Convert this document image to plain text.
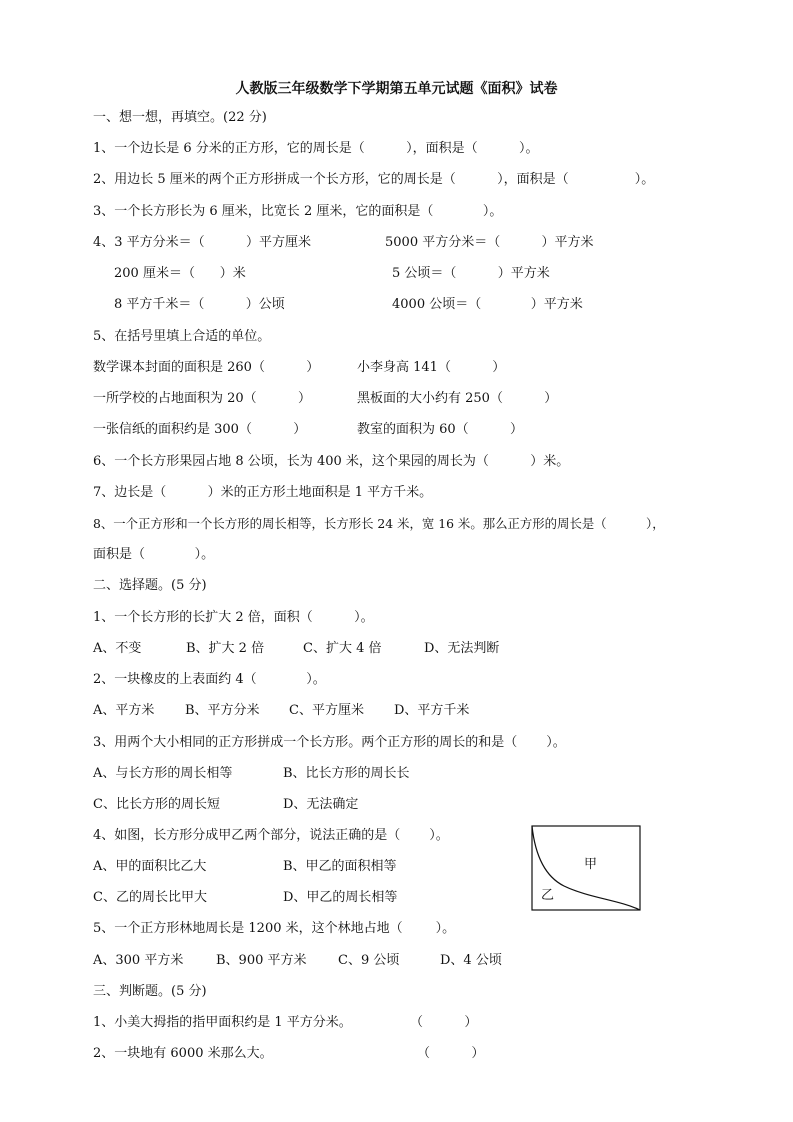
人教版三年级数学下学期第五单元试题《面积》试卷
一、想一想，再填空。(22 分)
1、一个边长是 6 分米的正方形，它的周长是（          ），面积是（          ）。
2、用边长 5 厘米的两个正方形拼成一个长方形，它的周长是（          ），面积是（                ）。
3、一个长方形长为 6 厘米，比宽长 2 厘米，它的面积是（            ）。
4、3 平方分米＝（          ）平方厘米	5000 平方分米＝（          ）平方米
200 厘米＝（      ）米	5 公顷＝（          ）平方米
8 平方千米＝（          ）公顷	4000 公顷＝（            ）平方米
5、在括号里填上合适的单位。
数学课本封面的面积是 260（          ）	小李身高 141（          ）
一所学校的占地面积为 20（          ）	黑板面的大小约有 250（          ）
一张信纸的面积约是 300（          ）	教室的面积为 60（          ）
6、一个长方形果园占地 8 公顷，长为 400 米，这个果园的周长为（          ）米。
7、边长是（          ）米的正方形土地面积是 1 平方千米。
8、一个正方形和一个长方形的周长相等，长方形长 24 米，宽 16 米。那么正方形的周长是（          ），
面积是（            ）。
二、选择题。(5 分)
1、一个长方形的长扩大 2 倍，面积（          ）。
A、不变	B、扩大 2 倍	C、扩大 4 倍	D、无法判断
2、一块橡皮的上表面约 4（            ）。
A、平方米 B、平方分米 C、平方厘米 D、平方千米
3、用两个大小相同的正方形拼成一个长方形。两个正方形的周长的和是（       ）。
A、与长方形的周长相等	B、比长方形的周长长
C、比长方形的周长短	D、无法确定
4、如图，长方形分成甲乙两个部分，说法正确的是（       ）。
A、甲的面积比乙大	B、甲乙的面积相等
C、乙的周长比甲大	D、甲乙的周长相等
甲
乙
5、一个正方形林地周长是 1200 米，这个林地占地（        ）。
A、300 平方米	B、900 平方米 C、9 公顷	D、4 公顷
三、判断题。(5 分)
1、小美大拇指的指甲面积约是 1 平方分米。	（          ）
2、一块地有 6000 米那么大。	（          ）
